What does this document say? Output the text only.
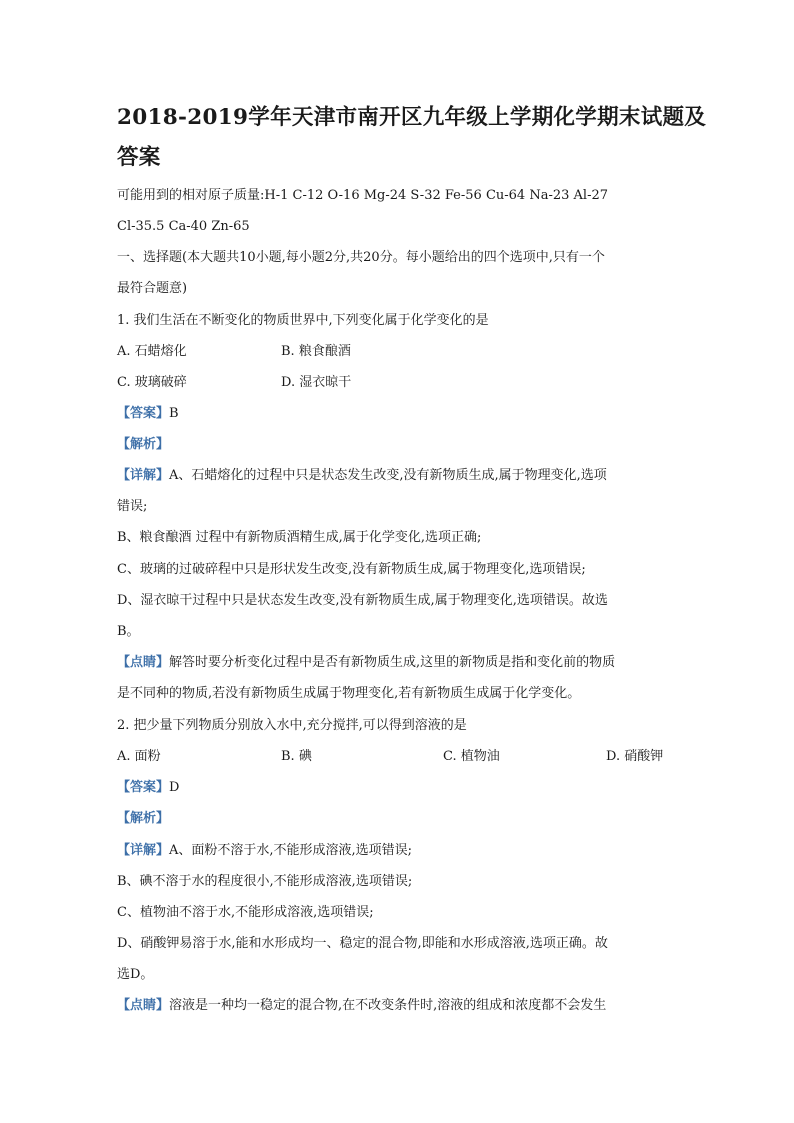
2018-2019学年天津市南开区九年级上学期化学期末试题及
答案
可能用到的相对原子质量:H-1 C-12 O-16 Mg-24 S-32 Fe-56 Cu-64 Na-23 Al-27
Cl-35.5 Ca-40 Zn-65
一、选择题(本大题共10小题,每小题2分,共20分。每小题给出的四个选项中,只有一个
最符合题意)
1. 我们生活在不断变化的物质世界中,下列变化属于化学变化的是
A. 石蜡熔化	B. 粮食酿酒
C. 玻璃破碎	D. 湿衣晾干
【答案】B
【解析】
【详解】A、石蜡熔化的过程中只是状态发生改变,没有新物质生成,属于物理变化,选项
错误;
B、粮食酿酒 过程中有新物质酒精生成,属于化学变化,选项正确;
C、玻璃的过破碎程中只是形状发生改变,没有新物质生成,属于物理变化,选项错误;
D、湿衣晾干过程中只是状态发生改变,没有新物质生成,属于物理变化,选项错误。故选
B。
【点睛】解答时要分析变化过程中是否有新物质生成,这里的新物质是指和变化前的物质
是不同种的物质,若没有新物质生成属于物理变化,若有新物质生成属于化学变化。
2. 把少量下列物质分别放入水中,充分搅拌,可以得到溶液的是
A. 面粉	B. 碘	C. 植物油	D. 硝酸钾
【答案】D
【解析】
【详解】A、面粉不溶于水,不能形成溶液,选项错误;
B、碘不溶于水的程度很小,不能形成溶液,选项错误;
C、植物油不溶于水,不能形成溶液,选项错误;
D、硝酸钾易溶于水,能和水形成均一、稳定的混合物,即能和水形成溶液,选项正确。故
选D。
【点睛】溶液是一种均一稳定的混合物,在不改变条件时,溶液的组成和浓度都不会发生
